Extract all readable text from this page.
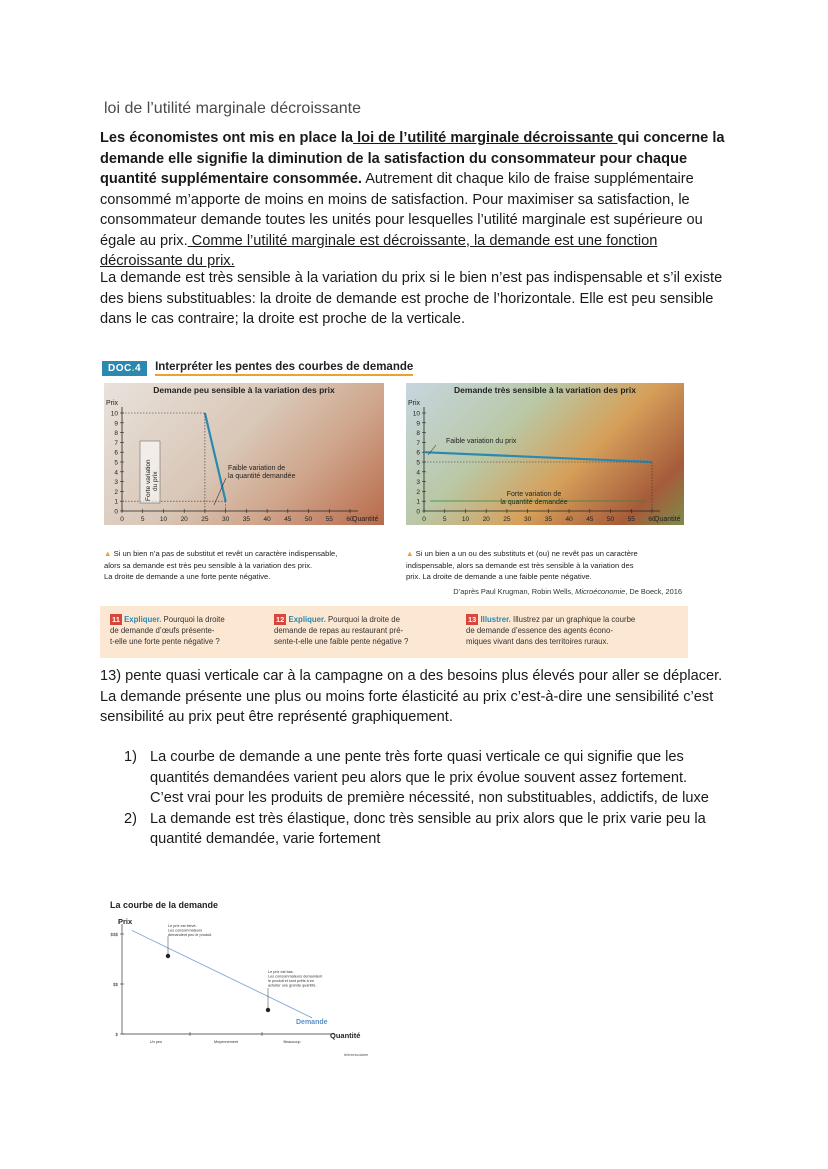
loi de l’utilité marginale décroissante
Les économistes ont mis en place la loi de l’utilité marginale décroissante qui concerne la demande elle signifie la diminution de la satisfaction du consommateur pour chaque quantité supplémentaire consommée. Autrement dit chaque kilo de fraise supplémentaire consommé m’apporte de moins en moins de satisfaction. Pour maximiser sa satisfaction, le consommateur demande toutes les unités pour lesquelles l’utilité marginale est supérieure ou égale au prix. Comme l’utilité marginale est décroissante, la demande est une fonction décroissante du prix.
La demande est très sensible à la variation du prix si le bien n’est pas indispensable et s’il existe des biens substituables: la droite de demande est proche de l’horizontale. Elle est peu sensible dans le cas contraire; la droite est proche de la verticale.
DOC.4	Interpréter les pentes des courbes de demande
Demande peu sensible à la variation des prix
Prix
Quantité
0
1
2
3
4
5
6
7
8
9
10
0	5 10 20 25 30 35 40 45 50 55 60
Forte variation du prix
Faible variation de
la quantité demandée
Demande très sensible à la variation des prix
Prix
Quantité
0
1
2
3
4
5
6
7
8
9
10
0	5 10 20 25 30 35 40 45 50 55 60
Faible variation du prix
Forte variation de
la quantité demandée
▲ Si un bien n’a pas de substitut et revêt un caractère indispensable,
alors sa demande est très peu sensible à la variation des prix.
La droite de demande a une forte pente négative.
▲ Si un bien a un ou des substituts et (ou) ne revêt pas un caractère
indispensable, alors sa demande est très sensible à la variation des
prix. La droite de demande a une faible pente négative.
D’après Paul Krugman, Robin Wells, Microéconomie, De Boeck, 2016
11 Expliquer. Pourquoi la droite
de demande d’œufs présente-
t-elle une forte pente négative ?
12 Expliquer. Pourquoi la droite de
demande de repas au restaurant pré-
sente-t-elle une faible pente négative ?
13 Illustrer. Illustrez par un graphique la courbe
de demande d’essence des agents écono-
miques vivant dans des territoires ruraux.
13) pente quasi verticale car à la campagne on a des besoins plus élevés pour aller se déplacer.
La demande présente une plus ou moins forte élasticité au prix c’est-à-dire une sensibilité c’est sensibilité au prix peut être représenté graphiquement.
1) La courbe de demande a une pente très forte quasi verticale ce qui signifie que les quantités demandées varient peu alors que le prix évolue souvent assez fortement. C’est vrai pour les produits de première nécessité, non substituables, addictifs, de luxe
2) La demande est très élastique, donc très sensible au prix alors que le prix varie peu la quantité demandée, varie fortement
La courbe de la demande
Prix
Quantité
Demande
Le prix est élevé.
Les consommateurs
demandent peu le produit.
Le prix est bas.
Les consommateurs demandent
le produit et sont prêts à en
acheter une grande quantité.
lelivrescolaire
$$$
$$
$
Un peu	Moyennement	Beaucoup
